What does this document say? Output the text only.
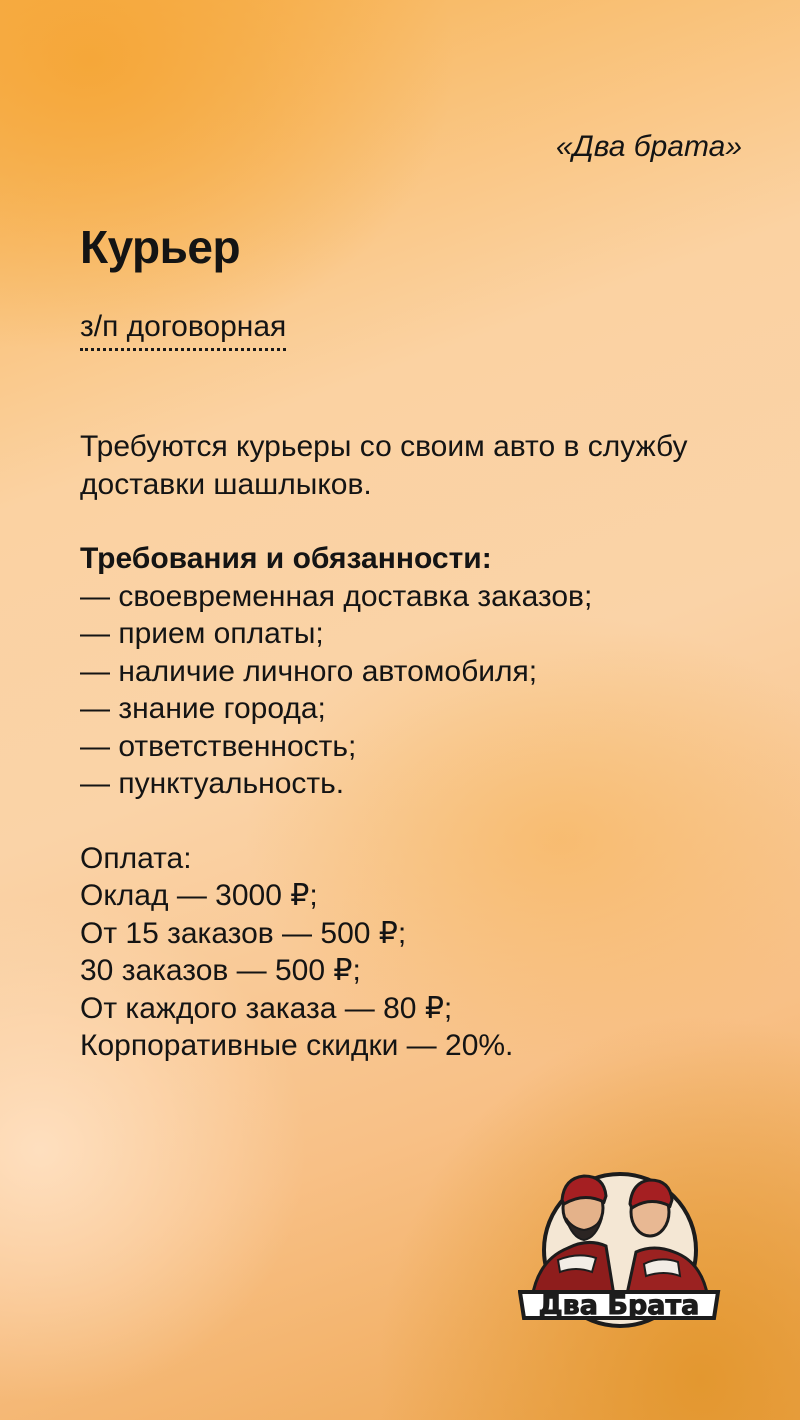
«Два брата»

Курьер
з/п договорная

Требуются курьеры со своим авто в службу

доставки шашлыков.

Требования и обязанности:

— своевременная доставка заказов;
— прием оплаты;
— наличие личного автомобиля;
— знание города;
— ответственность;
— пунктуальность.

Оплата:

Оклад — 3000 ₽;
От 15 заказов — 500 ₽;
30 заказов — 500 ₽;
От каждого заказа — 80 ₽;
Корпоративные скидки — 20%.
Два Брата
